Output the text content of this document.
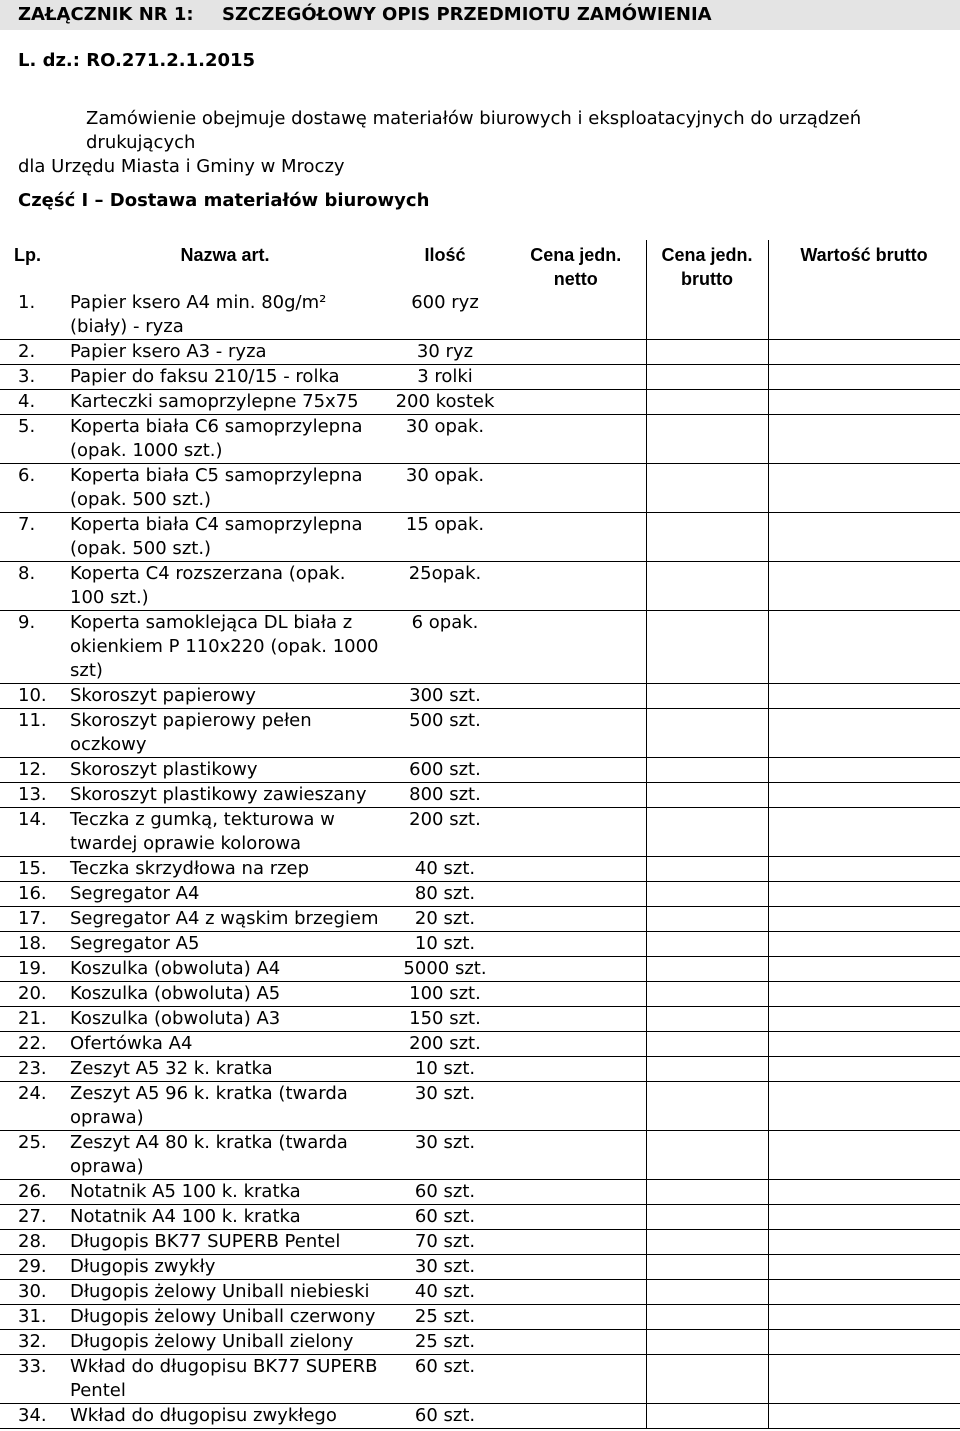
ZAŁĄCZNIK NR 1: SZCZEGÓŁOWY OPIS PRZEDMIOTU ZAMÓWIENIA
L. dz.: RO.271.2.1.2015

Zamówienie obejmuje dostawę materiałów biurowych i eksploatacyjnych do urządzeń drukujących

dla Urzędu Miasta i Gminy w Mroczy

Część I – Dostawa materiałów biurowych
Lp.	Nazwa art.	Ilość	Cena jedn. netto	Cena jedn. brutto	Wartość brutto
1.	Papier ksero A4 min. 80g/m² (biały) - ryza	600 ryz			
2.	Papier ksero A3 - ryza	30 ryz			
3.	Papier do faksu 210/15 - rolka	3 rolki			
4.	Karteczki samoprzylepne 75x75	200 kostek			
5.	Koperta biała C6 samoprzylepna (opak. 1000 szt.)	30 opak.			
6.	Koperta biała C5 samoprzylepna (opak. 500 szt.)	30 opak.			
7.	Koperta biała C4 samoprzylepna (opak. 500 szt.)	15 opak.			
8.	Koperta C4 rozszerzana (opak. 100 szt.)	25opak.			
9.	Koperta samoklejąca DL biała z okienkiem P 110x220 (opak. 1000 szt)	6 opak.			
10.	Skoroszyt papierowy	300 szt.			
11.	Skoroszyt papierowy pełen oczkowy	500 szt.			
12.	Skoroszyt plastikowy	600 szt.			
13.	Skoroszyt plastikowy zawieszany	800 szt.			
14.	Teczka z gumką, tekturowa w twardej oprawie kolorowa	200 szt.			
15.	Teczka skrzydłowa na rzep	40 szt.			
16.	Segregator A4	80 szt.			
17.	Segregator A4 z wąskim brzegiem	20 szt.			
18.	Segregator A5	10 szt.			
19.	Koszulka (obwoluta) A4	5000 szt.			
20.	Koszulka (obwoluta) A5	100 szt.			
21.	Koszulka (obwoluta) A3	150 szt.			
22.	Ofertówka A4	200 szt.			
23.	Zeszyt A5 32 k. kratka	10 szt.			
24.	Zeszyt A5 96 k. kratka (twarda oprawa)	30 szt.			
25.	Zeszyt A4 80 k. kratka (twarda oprawa)	30 szt.			
26.	Notatnik A5 100 k. kratka	60 szt.			
27.	Notatnik A4 100 k. kratka	60 szt.			
28.	Długopis BK77 SUPERB Pentel	70 szt.			
29.	Długopis zwykły	30 szt.			
30.	Długopis żelowy Uniball niebieski	40 szt.			
31.	Długopis żelowy Uniball czerwony	25 szt.			
32.	Długopis żelowy Uniball zielony	25 szt.			
33.	Wkład do długopisu BK77 SUPERB Pentel	60 szt.			
34.	Wkład do długopisu zwykłego	60 szt.			
